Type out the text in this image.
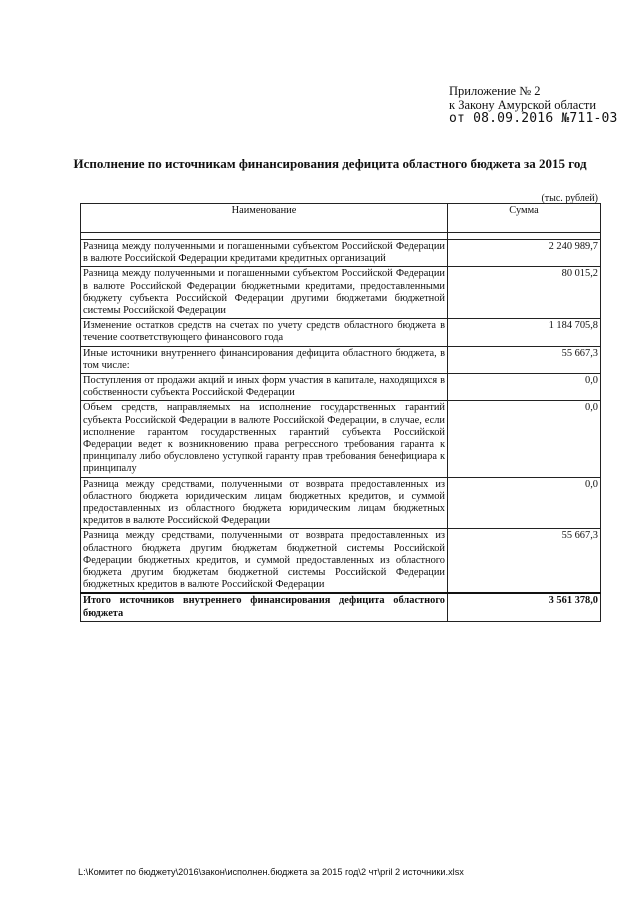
Приложение № 2
к Закону Амурской области
от 08.09.2016 №711-03
Исполнение по источникам финансирования дефицита областного бюджета за 2015 год
(тыс. рублей)
Наименование	Сумма

Разница между полученными и погашенными субъектом Российской Федерации в валюте Российской Федерации кредитами кредитных организаций	2 240 989,7
Разница между полученными и погашенными субъектом Российской Федерации в валюте Российской Федерации бюджетными кредитами, предоставленными бюджету субъекта Российской Федерации другими бюджетами бюджетной системы Российской Федерации	80 015,2
Изменение остатков средств на счетах по учету средств областного бюджета в течение соответствующего финансового года	1 184 705,8
Иные источники внутреннего финансирования дефицита областного бюджета, в том числе:	55 667,3
Поступления от продажи акций и иных форм участия в капитале, находящихся в собственности субъекта Российской Федерации	0,0
Объем средств, направляемых на исполнение государственных гарантий субъекта Российской Федерации в валюте Российской Федерации, в случае, если исполнение гарантом государственных гарантий субъекта Российской Федерации ведет к возникновению права регрессного требования гаранта к принципалу либо обусловлено уступкой гаранту прав требования бенефициара к принципалу	0,0
Разница между средствами, полученными от возврата предоставленных из областного бюджета юридическим лицам бюджетных кредитов, и суммой предоставленных из областного бюджета юридическим лицам бюджетных кредитов в валюте Российской Федерации	0,0
Разница между средствами, полученными от возврата предоставленных из областного бюджета другим бюджетам бюджетной системы Российской Федерации бюджетных кредитов, и суммой предоставленных из областного бюджета другим бюджетам бюджетной системы Российской Федерации бюджетных кредитов в валюте Российской Федерации	55 667,3
Итого источников внутреннего финансирования дефицита областного бюджета	3 561 378,0
L:\Комитет по бюджету\2016\закон\исполнен.бюджета за 2015 год\2 чт\pril 2 источники.xlsx
